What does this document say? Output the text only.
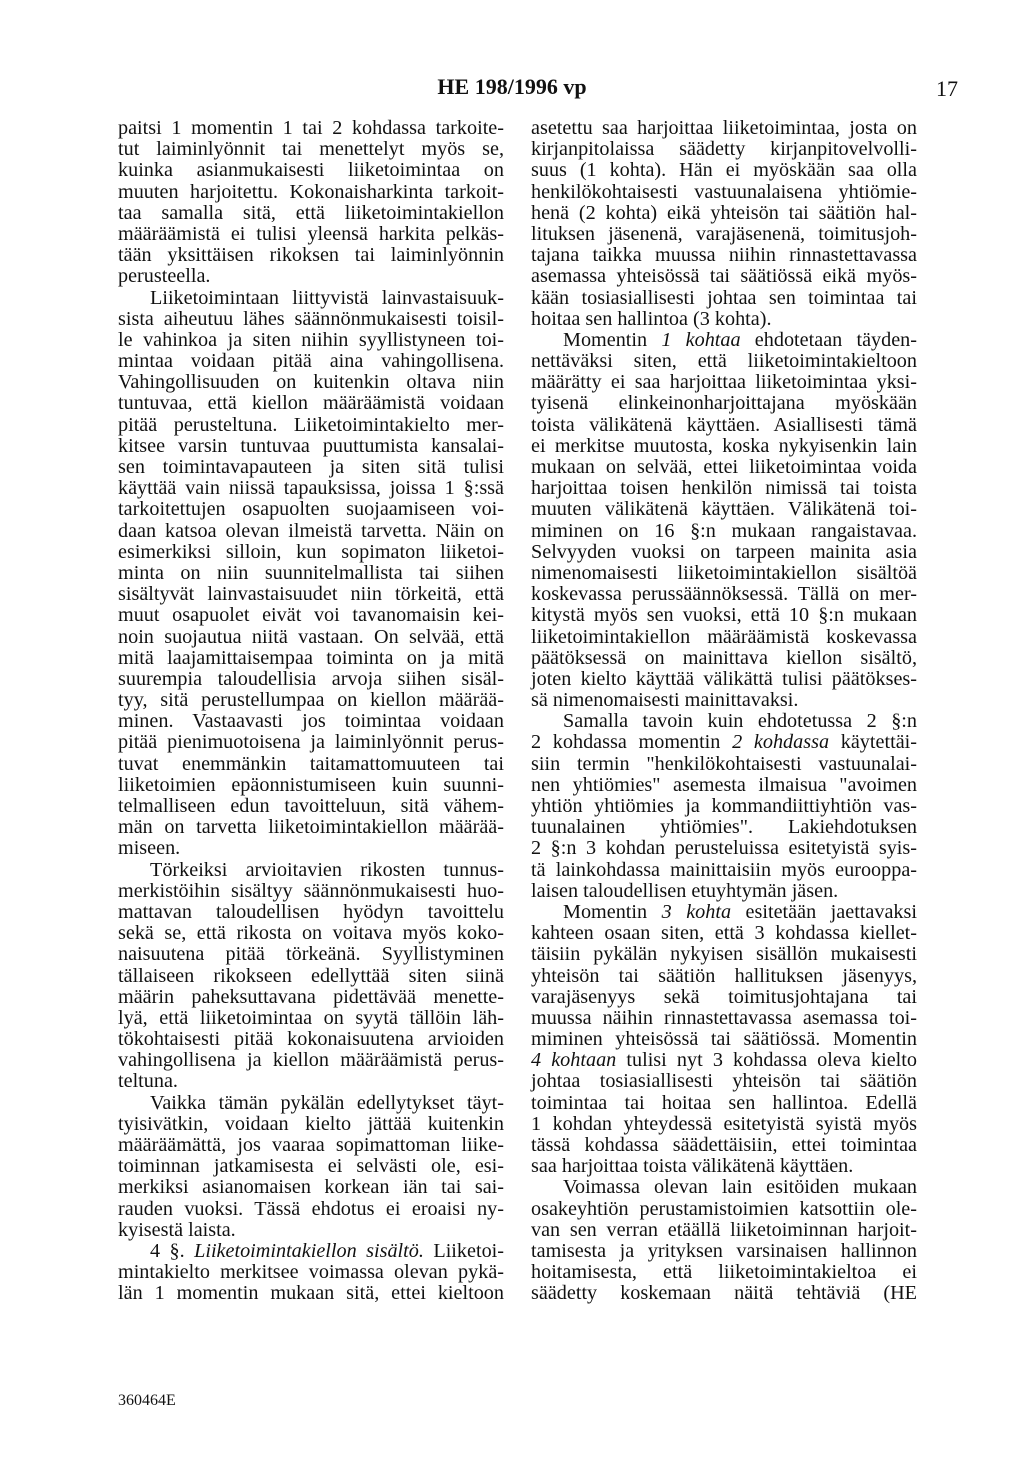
HE 198/1996 vp	17
paitsi 1 momentin 1 tai 2 kohdassa tarkoite-
tut laiminlyönnit tai menettelyt myös se,
kuinka asianmukaisesti liiketoimintaa on
muuten harjoitettu. Kokonaisharkinta tarkoit-
taa samalla sitä, että liiketoimintakiellon
määräämistä ei tulisi yleensä harkita pelkäs-
tään yksittäisen rikoksen tai laiminlyönnin
perusteella.
Liiketoimintaan liittyvistä lainvastaisuuk-
sista aiheutuu lähes säännönmukaisesti toisil-
le vahinkoa ja siten niihin syyllistyneen toi-
mintaa voidaan pitää aina vahingollisena.
Vahingollisuuden on kuitenkin oltava niin
tuntuvaa, että kiellon määräämistä voidaan
pitää perusteltuna. Liiketoimintakielto mer-
kitsee varsin tuntuvaa puuttumista kansalai-
sen toimintavapauteen ja siten sitä tulisi
käyttää vain niissä tapauksissa, joissa 1 §:ssä
tarkoitettujen osapuolten suojaamiseen voi-
daan katsoa olevan ilmeistä tarvetta. Näin on
esimerkiksi silloin, kun sopimaton liiketoi-
minta on niin suunnitelmallista tai siihen
sisältyvät lainvastaisuudet niin törkeitä, että
muut osapuolet eivät voi tavanomaisin kei-
noin suojautua niitä vastaan. On selvää, että
mitä laajamittaisempaa toiminta on ja mitä
suurempia taloudellisia arvoja siihen sisäl-
tyy, sitä perustellumpaa on kiellon määrää-
minen. Vastaavasti jos toimintaa voidaan
pitää pienimuotoisena ja laiminlyönnit perus-
tuvat enemmänkin taitamattomuuteen tai
liiketoimien epäonnistumiseen kuin suunni-
telmalliseen edun tavoitteluun, sitä vähem-
män on tarvetta liiketoimintakiellon määrää-
miseen.
Törkeiksi arvioitavien rikosten tunnus-
merkistöihin sisältyy säännönmukaisesti huo-
mattavan taloudellisen hyödyn tavoittelu
sekä se, että rikosta on voitava myös koko-
naisuutena pitää törkeänä. Syyllistyminen
tällaiseen rikokseen edellyttää siten siinä
määrin paheksuttavana pidettävää menette-
lyä, että liiketoimintaa on syytä tällöin läh-
tökohtaisesti pitää kokonaisuutena arvioiden
vahingollisena ja kiellon määräämistä perus-
teltuna.
Vaikka tämän pykälän edellytykset täyt-
tyisivätkin, voidaan kielto jättää kuitenkin
määräämättä, jos vaaraa sopimattoman liike-
toiminnan jatkamisesta ei selvästi ole, esi-
merkiksi asianomaisen korkean iän tai sai-
rauden vuoksi. Tässä ehdotus ei eroaisi ny-
kyisestä laista.
4 §. Liiketoimintakiellon sisältö. Liiketoi-
mintakielto merkitsee voimassa olevan pykä-
län 1 momentin mukaan sitä, ettei kieltoon
asetettu saa harjoittaa liiketoimintaa, josta on
kirjanpitolaissa säädetty kirjanpitovelvolli-
suus (1 kohta). Hän ei myöskään saa olla
henkilökohtaisesti vastuunalaisena yhtiömie-
henä (2 kohta) eikä yhteisön tai säätiön hal-
lituksen jäsenenä, varajäsenenä, toimitusjoh-
tajana taikka muussa niihin rinnastettavassa
asemassa yhteisössä tai säätiössä eikä myös-
kään tosiasiallisesti johtaa sen toimintaa tai
hoitaa sen hallintoa (3 kohta).
Momentin 1 kohtaa ehdotetaan täyden-
nettäväksi siten, että liiketoimintakieltoon
määrätty ei saa harjoittaa liiketoimintaa yksi-
tyisenä elinkeinonharjoittajana myöskään
toista välikätenä käyttäen. Asiallisesti tämä
ei merkitse muutosta, koska nykyisenkin lain
mukaan on selvää, ettei liiketoimintaa voida
harjoittaa toisen henkilön nimissä tai toista
muuten välikätenä käyttäen. Välikätenä toi-
miminen on 16 §:n mukaan rangaistavaa.
Selvyyden vuoksi on tarpeen mainita asia
nimenomaisesti liiketoimintakiellon sisältöä
koskevassa perussäännöksessä. Tällä on mer-
kitystä myös sen vuoksi, että 10 §:n mukaan
liiketoimintakiellon määräämistä koskevassa
päätöksessä on mainittava kiellon sisältö,
joten kielto käyttää välikättä tulisi päätökses-
sä nimenomaisesti mainittavaksi.
Samalla tavoin kuin ehdotetussa 2 §:n
2 kohdassa momentin 2 kohdassa käytettäi-
siin termin "henkilökohtaisesti vastuunalai-
nen yhtiömies" asemesta ilmaisua "avoimen
yhtiön yhtiömies ja kommandiittiyhtiön vas-
tuunalainen yhtiömies". Lakiehdotuksen
2 §:n 3 kohdan perusteluissa esitetyistä syis-
tä lainkohdassa mainittaisiin myös eurooppa-
laisen taloudellisen etuyhtymän jäsen.
Momentin 3 kohta esitetään jaettavaksi
kahteen osaan siten, että 3 kohdassa kiellet-
täisiin pykälän nykyisen sisällön mukaisesti
yhteisön tai säätiön hallituksen jäsenyys,
varajäsenyys sekä toimitusjohtajana tai
muussa näihin rinnastettavassa asemassa toi-
miminen yhteisössä tai säätiössä. Momentin
4 kohtaan tulisi nyt 3 kohdassa oleva kielto
johtaa tosiasiallisesti yhteisön tai säätiön
toimintaa tai hoitaa sen hallintoa. Edellä
1 kohdan yhteydessä esitetyistä syistä myös
tässä kohdassa säädettäisiin, ettei toimintaa
saa harjoittaa toista välikätenä käyttäen.
Voimassa olevan lain esitöiden mukaan
osakeyhtiön perustamistoimien katsottiin ole-
van sen verran etäällä liiketoiminnan harjoit-
tamisesta ja yrityksen varsinaisen hallinnon
hoitamisesta, että liiketoimintakieltoa ei
säädetty koskemaan näitä tehtäviä (HE
360464E
